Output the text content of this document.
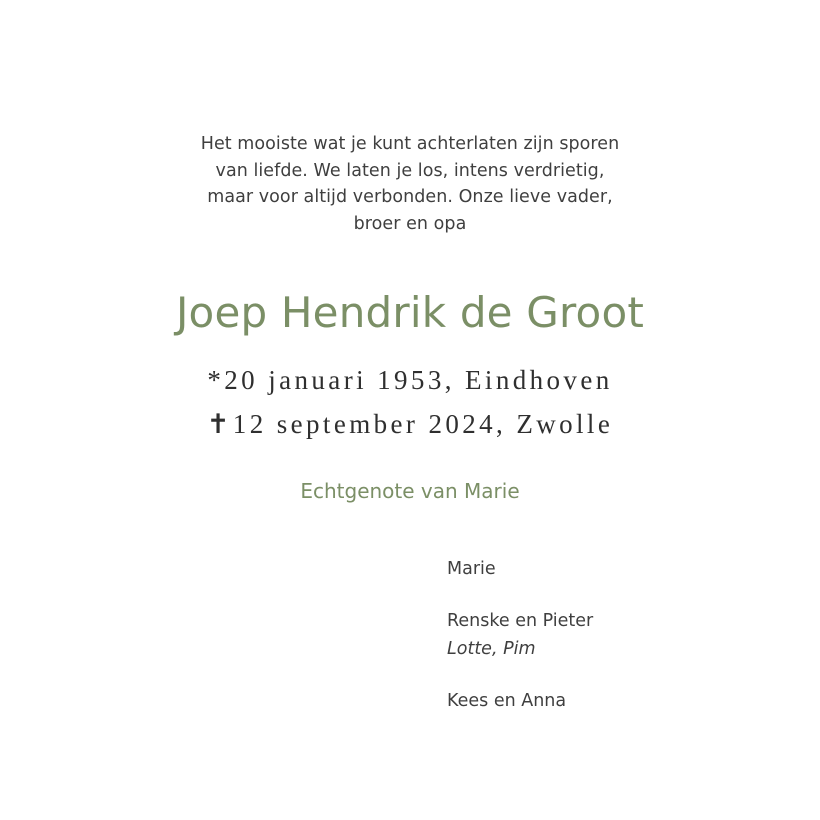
Het mooiste wat je kunt achterlaten zijn sporen
van liefde. We laten je los, intens verdrietig,
maar voor altijd verbonden. Onze lieve vader,
broer en opa
Joep Hendrik de Groot
*20 januari 1953, Eindhoven
✝12 september 2024, Zwolle
Echtgenote van Marie
Marie
Renske en Pieter
Lotte, Pim
Kees en Anna
